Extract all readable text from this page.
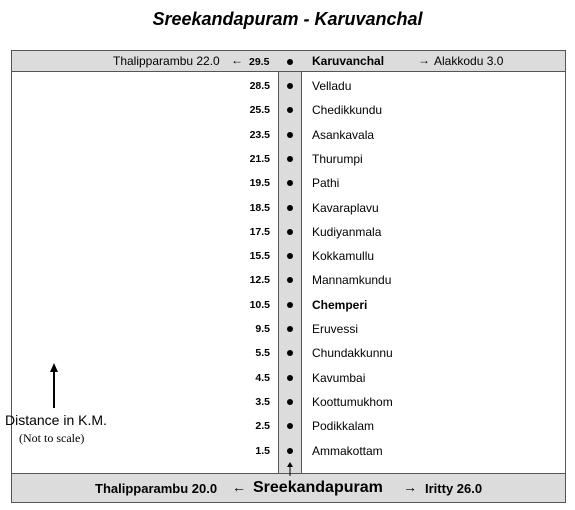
Sreekandapuram - Karuvanchal
Thalipparambu 22.0 ← 29.5	Karuvanchal	→ Alakkodu 3.0
28.5	Velladu
25.5	Chedikkundu
23.5	Asankavala
21.5	Thurumpi
19.5	Pathi
18.5	Kavaraplavu
17.5	Kudiyanmala
15.5	Kokkamullu
12.5	Mannamkundu
10.5	Chemperi
9.5	Eruvessi
5.5	Chundakkunnu
4.5	Kavumbai
3.5	Koottumukhom
2.5	Podikkalam
1.5	Ammakottam
Thalipparambu 20.0 ← Sreekandapuram → Iritty 26.0
Distance in K.M.
(Not to scale)
